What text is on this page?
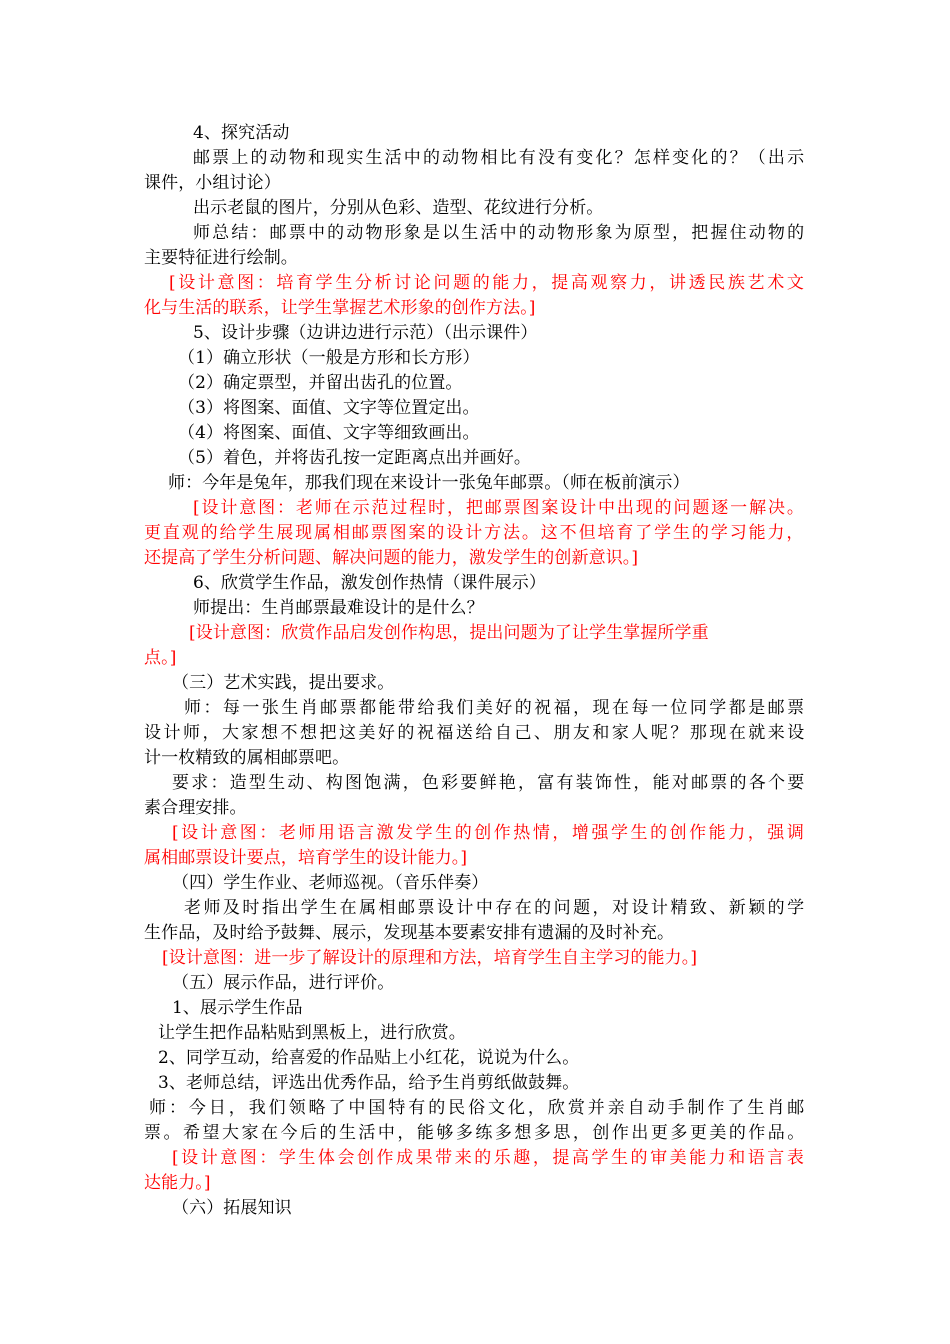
4、探究活动
邮票上的动物和现实生活中的动物相比有没有变化？怎样变化的？（出示
课件，小组讨论）
出示老鼠的图片，分别从色彩、造型、花纹进行分析。
师总结：邮票中的动物形象是以生活中的动物形象为原型，把握住动物的
主要特征进行绘制。
[设计意图：培育学生分析讨论问题的能力，提高观察力，讲透民族艺术文
化与生活的联系，让学生掌握艺术形象的创作方法。]
5、设计步骤（边讲边进行示范）（出示课件）
（1）确立形状（一般是方形和长方形）
（2）确定票型，并留出齿孔的位置。
（3）将图案、面值、文字等位置定出。
（4）将图案、面值、文字等细致画出。
（5）着色，并将齿孔按一定距离点出并画好。
师：今年是兔年，那我们现在来设计一张兔年邮票。（师在板前演示）
[设计意图：老师在示范过程时，把邮票图案设计中出现的问题逐一解决。
更直观的给学生展现属相邮票图案的设计方法。这不但培育了学生的学习能力，
还提高了学生分析问题、解决问题的能力，激发学生的创新意识。]
6、欣赏学生作品，激发创作热情（课件展示）
师提出：生肖邮票最难设计的是什么？
[设计意图：欣赏作品启发创作构思，提出问题为了让学生掌握所学重
点。]
（三）艺术实践，提出要求。
师：每一张生肖邮票都能带给我们美好的祝福，现在每一位同学都是邮票
设计师，大家想不想把这美好的祝福送给自己、朋友和家人呢？那现在就来设
计一枚精致的属相邮票吧。
要求：造型生动、构图饱满，色彩要鲜艳，富有装饰性，能对邮票的各个要
素合理安排。
[设计意图：老师用语言激发学生的创作热情，增强学生的创作能力，强调
属相邮票设计要点，培育学生的设计能力。]
（四）学生作业、老师巡视。（音乐伴奏）
老师及时指出学生在属相邮票设计中存在的问题，对设计精致、新颖的学
生作品，及时给予鼓舞、展示，发现基本要素安排有遗漏的及时补充。
[设计意图：进一步了解设计的原理和方法，培育学生自主学习的能力。]
（五）展示作品，进行评价。
1、展示学生作品
让学生把作品粘贴到黑板上，进行欣赏。
2、同学互动，给喜爱的作品贴上小红花，说说为什么。
3、老师总结，评选出优秀作品，给予生肖剪纸做鼓舞。
师：今日，我们领略了中国特有的民俗文化，欣赏并亲自动手制作了生肖邮
票。希望大家在今后的生活中，能够多练多想多思，创作出更多更美的作品。
[设计意图：学生体会创作成果带来的乐趣，提高学生的审美能力和语言表
达能力。]
（六）拓展知识
